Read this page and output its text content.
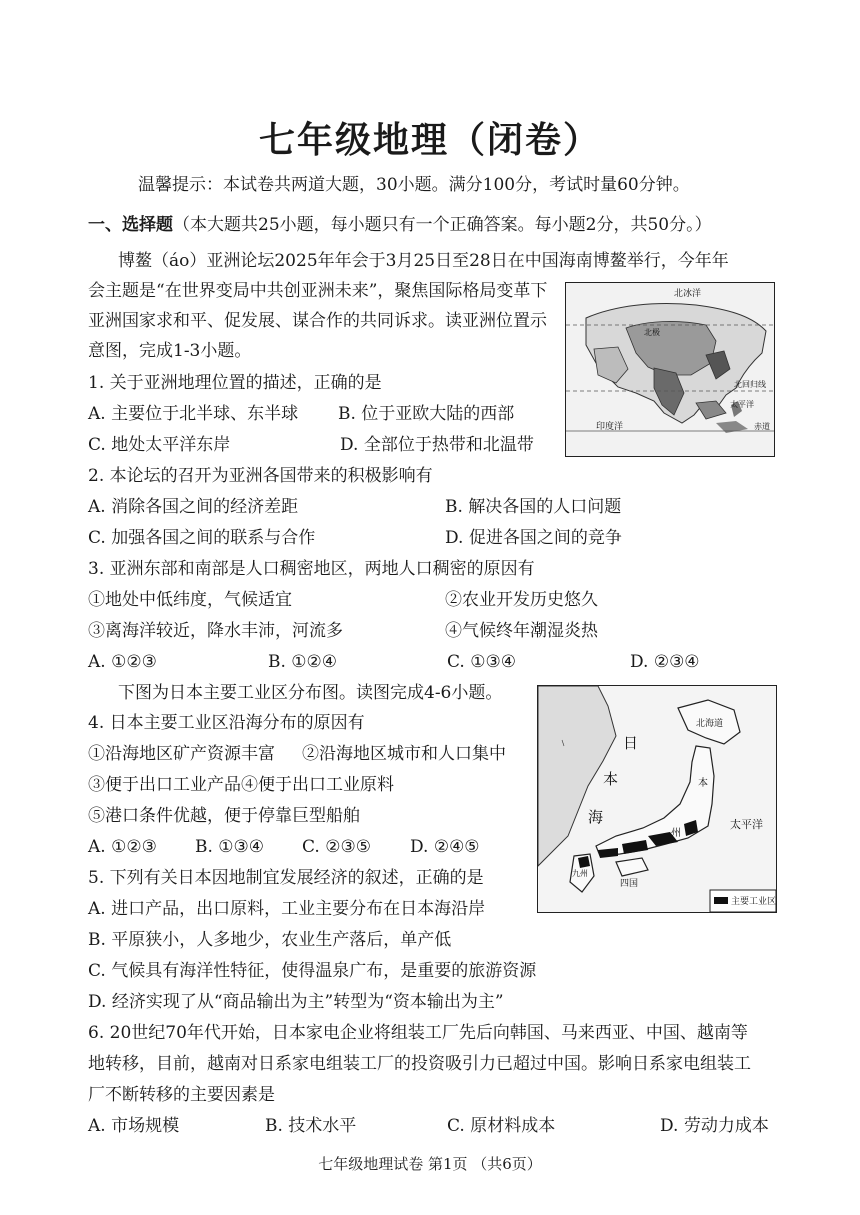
七年级地理（闭卷）
温馨提示：本试卷共两道大题，30小题。满分100分，考试时量60分钟。
一、选择题（本大题共25小题，每小题只有一个正确答案。每小题2分，共50分。）
博鳌（áo）亚洲论坛2025年年会于3月25日至28日在中国海南博鳌举行，今年年
会主题是“在世界变局中共创亚洲未来”，聚焦国际格局变革下
亚洲国家求和平、促发展、谋合作的共同诉求。读亚洲位置示
意图，完成1-3小题。
北冰洋
北极
北回归线
太平洋
赤道
印度洋
1. 关于亚洲地理位置的描述，正确的是
A. 主要位于北半球、东半球 B. 位于亚欧大陆的西部
C. 地处太平洋东岸	D. 全部位于热带和北温带
2. 本论坛的召开为亚洲各国带来的积极影响有
A. 消除各国之间的经济差距	B. 解决各国的人口问题
C. 加强各国之间的联系与合作	D. 促进各国之间的竞争
3. 亚洲东部和南部是人口稠密地区，两地人口稠密的原因有
①地处中低纬度，气候适宜	②农业开发历史悠久
③离海洋较近，降水丰沛，河流多	④气候终年潮湿炎热
A. ①②③	B. ①②④	C. ①③④	D. ②③④
下图为日本主要工业区分布图。读图完成4-6小题。
日
本
海
北海道
本
州
太平洋
四国
九州
主要工业区
4. 日本主要工业区沿海分布的原因有
①沿海地区矿产资源丰富 ②沿海地区城市和人口集中
③便于出口工业产品④便于出口工业原料
⑤港口条件优越，便于停靠巨型船舶
A. ①②③ B. ①③④ C. ②③⑤ D. ②④⑤
5. 下列有关日本因地制宜发展经济的叙述，正确的是
A. 进口产品，出口原料，工业主要分布在日本海沿岸
B. 平原狭小，人多地少，农业生产落后，单产低
C. 气候具有海洋性特征，使得温泉广布，是重要的旅游资源
D. 经济实现了从“商品输出为主”转型为“资本输出为主”
6. 20世纪70年代开始，日本家电企业将组装工厂先后向韩国、马来西亚、中国、越南等
地转移，目前，越南对日系家电组装工厂的投资吸引力已超过中国。影响日系家电组装工
厂不断转移的主要因素是
A. 市场规模	B. 技术水平	C. 原材料成本	D. 劳动力成本
七年级地理试卷 第1页 （共6页）
